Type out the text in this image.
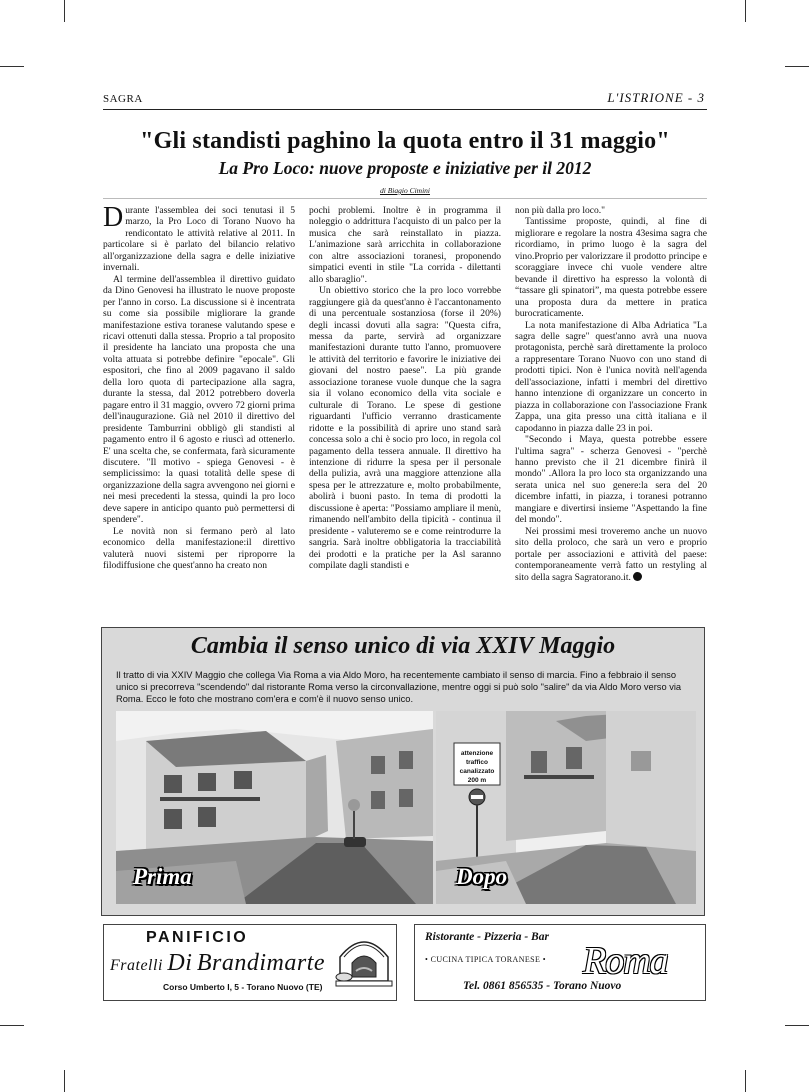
SAGRA	L'ISTRIONE - 3
"Gli standisti paghino la quota entro il 31 maggio"
La Pro Loco: nuove proposte e iniziative per il 2012
di Biagio Cimini

Durante l'assemblea dei soci tenutasi il 5 marzo, la Pro Loco di Torano Nuovo ha rendicontato le attività relative al 2011. In particolare si è parlato del bilancio relativo all'organizzazione della sagra e delle iniziative invernali.

Al termine dell'assemblea il direttivo guidato da Dino Genovesi ha illustrato le nuove proposte per l'anno in corso. La discussione si è incentrata su come sia possibile migliorare la grande manifestazione estiva toranese valutando spese e ricavi ottenuti dalla stessa. Proprio a tal proposito il presidente ha lanciato una proposta che una volta attuata si potrebbe definire "epocale". Gli espositori, che fino al 2009 pagavano il saldo della loro quota di partecipazione alla sagra, durante la stessa, dal 2012 potrebbero doverla pagare entro il 31 maggio, ovvero 72 giorni prima dell'inaugurazione. Già nel 2010 il direttivo del presidente Tamburrini obbligò gli standisti al pagamento entro il 6 agosto e riuscì ad ottenerlo. E' una scelta che, se confermata, farà sicuramente discutere. "Il motivo - spiega Genovesi - è semplicissimo: la quasi totalità delle spese di organizzazione della sagra avvengono nei giorni e nei mesi precedenti la stessa, quindi la pro loco deve sapere in anticipo quanto può permettersi di spendere".

Le novità non si fermano però al lato economico della manifestazione:il direttivo valuterà nuovi sistemi per riproporre la filodiffusione che quest'anno ha creato non

pochi problemi. Inoltre è in programma il noleggio o addrittura l'acquisto di un palco per la musica che sarà reinstallato in piazza. L'animazione sarà arricchita in collaborazione con altre associazioni toranesi, proponendo simpatici eventi in stile "La corrida - dilettanti allo sbaraglio".

Un obiettivo storico che la pro loco vorrebbe raggiungere già da quest'anno è l'accantonamento di una percentuale sostanziosa (forse il 20%) degli incassi dovuti alla sagra: "Questa cifra, messa da parte, servirà ad organizzare manifestazioni durante tutto l'anno, promuovere le attività del territorio e favorire le iniziative dei giovani del nostro paese". La più grande associazione toranese vuole dunque che la sagra sia il volano economico della vita sociale e culturale di Torano. Le spese di gestione riguardanti l'ufficio verranno drasticamente ridotte e la possibilità di aprire uno stand sarà concessa solo a chi è socio pro loco, in regola col pagamento della tessera annuale. Il direttivo ha intenzione di ridurre la spesa per il personale della pulizia, avrà una maggiore attenzione alla spesa per le attrezzature e, molto probabilmente, abolirà i buoni pasto. In tema di prodotti la discussione è aperta: "Possiamo ampliare il menù, rimanendo nell'ambito della tipicità - continua il presidente - valuteremo se e come reintrodurre la sangria. Sarà inoltre obbligatoria la tracciabilità dei prodotti e la pratiche per la Asl saranno compilate dagli standisti e

non più dalla pro loco."

Tantissime proposte, quindi, al fine di migliorare e regolare la nostra 43esima sagra che ricordiamo, in primo luogo è la sagra del vino.Proprio per valorizzare il prodotto principe e scoraggiare invece chi vuole vendere altre bevande il direttivo ha espresso la volontà di “tassare gli spinatori”, ma questa potrebbe essere una proposta dura da mettere in pratica burocraticamente.

La nota manifestazione di Alba Adriatica "La sagra delle sagre" quest'anno avrà una nuova protagonista, perchè sarà direttamente la proloco a rappresentare Torano Nuovo con uno stand di prodotti tipici. Non è l'unica novità nell'agenda dell'associazione, infatti i membri del direttivo hanno intenzione di organizzare un concerto in piazza in collaborazione con l'associazione Frank Zappa, una gita presso una città italiana e il capodanno in piazza dalle 23 in poi.

"Secondo i Maya, questa potrebbe essere l'ultima sagra" - scherza Genovesi - "perchè hanno previsto che il 21 dicembre finirà il mondo" .Allora la pro loco sta organizzando una serata unica nel suo genere:la sera del 20 dicembre infatti, in piazza, i toranesi potranno mangiare e divertirsi insieme "Aspettando la fine del mondo".

Nei prossimi mesi troveremo anche un nuovo sito della proloco, che sarà un vero e proprio portale per associazioni e attività del paese: contemporaneamente verrà fatto un restyling al sito della sagra Sagratorano.it.

Cambia il senso unico di via XXIV Maggio
Il tratto di via XXIV Maggio che collega Via Roma a via Aldo Moro, ha recentemente cambiato il senso di marcia. Fino a febbraio il senso unico si precorreva "scendendo" dal ristorante Roma verso la circonvallazione, mentre oggi si può solo "salire" da via Aldo Moro verso via Roma. Ecco le foto che mostrano com'era e com'è il nuovo senso unico.
Prima
attenzione
traffico
canalizzato
200 m
Dopo
PANIFICIO
Fratelli Di Brandimarte
Corso Umberto I, 5 - Torano Nuovo (TE)
Ristorante - Pizzeria - Bar
• CUCINA TIPICA TORANESE • Roma
Tel. 0861 856535 - Torano Nuovo
